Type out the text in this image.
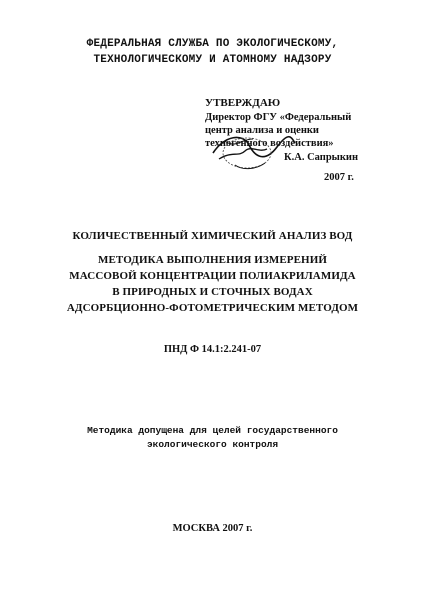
ФЕДЕРАЛЬНАЯ СЛУЖБА ПО ЭКОЛОГИЧЕСКОМУ,
ТЕХНОЛОГИЧЕСКОМУ И АТОМНОМУ НАДЗОРУ
УТВЕРЖДАЮ
Директор ФГУ «Федеральный
центр анализа и оценки
техногенного воздействия»
К.А. Сапрыкин
2007 г.
КОЛИЧЕСТВЕННЫЙ ХИМИЧЕСКИЙ АНАЛИЗ ВОД
МЕТОДИКА ВЫПОЛНЕНИЯ ИЗМЕРЕНИЙ
МАССОВОЙ КОНЦЕНТРАЦИИ ПОЛИАКРИЛАМИДА
В ПРИРОДНЫХ И СТОЧНЫХ ВОДАХ
АДСОРБЦИОННО-ФОТОМЕТРИЧЕСКИМ МЕТОДОМ
ПНД Ф 14.1:2.241-07
Методика допущена для целей государственного
экологического контроля
МОСКВА 2007 г.
